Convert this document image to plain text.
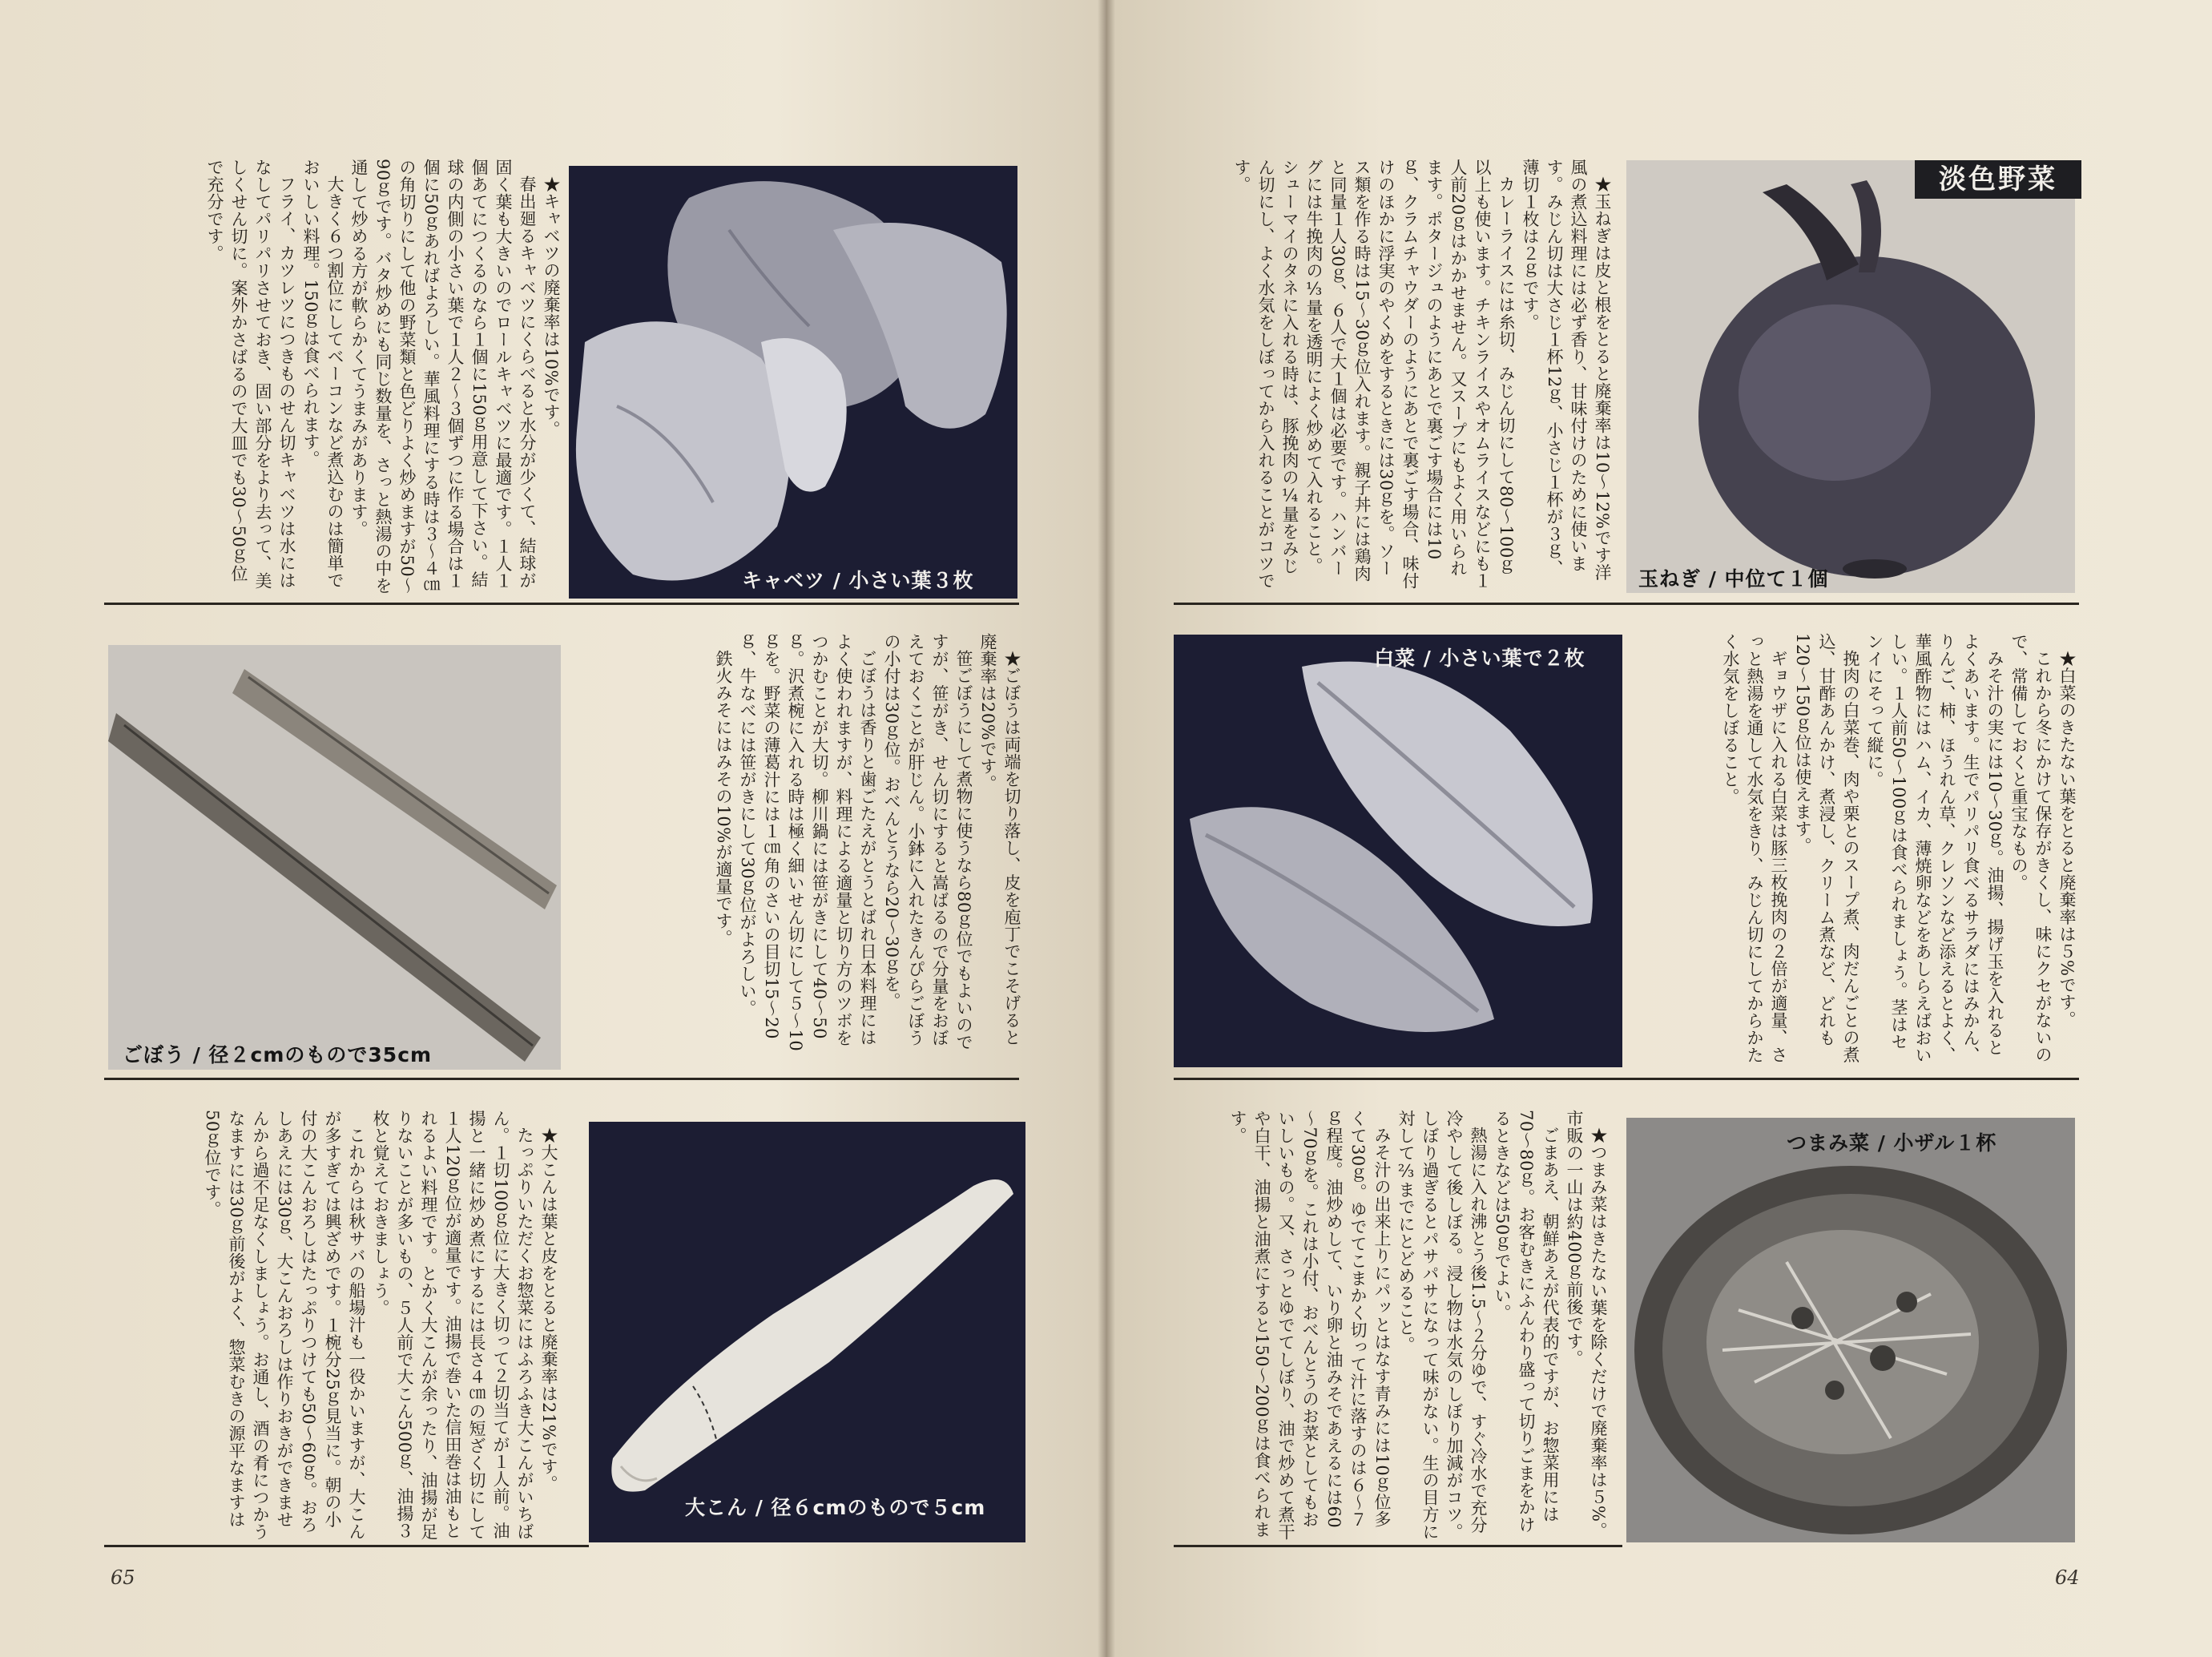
★キャベツの廃棄率は10%です。

春出廻るキャベツにくらべると水分が少くて、結球が固く葉も大きいのでロールキャベツに最適です。１人１個あてにつくるのなら１個に150ｇ用意して下さい。結球の内側の小さい葉で１人２～３個ずつに作る場合は１個に50ｇあればよろしい。華風料理にする時は３～４㎝の角切りにして他の野菜類と色どりよく炒めますが50～90ｇです。バタ炒めにも同じ数量を、さっと熱湯の中を通して炒める方が軟らかくてうまみがあります。

大きく６つ割位にしてベーコンなど煮込むのは簡単でおいしい料理。150ｇは食べられます。

フライ、カツレツにつきものせん切キャベツは水にはなしてパリパリさせておき、固い部分をより去って、美しくせん切に。案外かさばるので大皿でも30～50ｇ位で充分です。

キャベツ / 小さい葉３枚
ごぼう / 径２cmのもので35cm

★ごぼうは両端を切り落し、皮を庖丁でこそげると廃棄率は20%です。

笹ごぼうにして煮物に使うなら80ｇ位でもよいのですが、笹がき、せん切にすると嵩ばるので分量をおぼえておくことが肝じん。小鉢に入れたきんぴらごぼうの小付は30ｇ位。おべんとうなら20～30ｇを。

ごぼうは香りと歯ごたえがとうとばれ日本料理にはよく使われますが、料理による適量と切り方のツボをつかむことが大切。柳川鍋には笹がきにして40～50ｇ。沢煮椀に入れる時は極く細いせん切にして５～10ｇを。野菜の薄葛汁には１㎝角のさいの目切15～20ｇ、牛なべには笹がきにして30ｇ位がよろしい。

鉄火みそにはみその10%が適量です。

★大こんは葉と皮をとると廃棄率は21%です。

たっぷりいただくお惣菜にはふろふき大こんがいちばん。１切100ｇ位に大きく切って２切当てが１人前。油揚と一緒に炒め煮にするには長さ４㎝の短ざく切にして１人120ｇ位が適量です。油揚で巻いた信田巻は油もとれるよい料理です。とかく大こんが余ったり、油揚が足りないことが多いもの、５人前で大こん500ｇ、油揚３枚と覚えておきましょう。

これからは秋サバの船場汁も一役かいますが、大こんが多すぎては興ざめです。１椀分25ｇ見当に。朝の小付の大こんおろしはたっぷりつけても50～60ｇ。おろしあえには30ｇ、大こんおろしは作りおきができませんから過不足なくしましょう。お通し、酒の肴につかうなますには30ｇ前後がよく、惣菜むきの源平なますは50ｇ位です。

大こん / 径６cmのもので５cm
65

★玉ねぎは皮と根をとると廃棄率は10～12%です洋風の煮込料理には必ず香り、甘味付けのために使います。みじん切は大さじ１杯12ｇ、小さじ１杯が３ｇ、薄切１枚は２ｇです。

カレーライスには糸切、みじん切にして80～100ｇ以上も使います。チキンライスやオムライスなどにも１人前20ｇはかかせません。又スープにもよく用いられます。ポタージュのようにあとで裏ごす場合には10ｇ、クラムチャウダーのようにあとで裏ごす場合、味付けのほかに浮実のやくめをするときには30ｇを。ソース類を作る時は15～30ｇ位入れます。親子丼には鶏肉と同量１人30ｇ、６人で大１個は必要です。ハンバーグには牛挽肉の⅓量を透明によく炒めて入れること。シューマイのタネに入れる時は、豚挽肉の¼量をみじん切にし、よく水気をしぼってから入れることがコツです。	淡色野菜
玉ねぎ / 中位て１個
白菜 / 小さい葉で２枚	★白菜のきたない葉をとると廃棄率は５%です。

これから冬にかけて保存がきくし、味にクセがないので、常備しておくと重宝なもの。

みそ汁の実には10～30ｇ。油揚、揚げ玉を入れるとよくあいます。生でパリパリ食べるサラダにはみかん、りんご、柿、ほうれん草、クレソンなど添えるとよく、華風酢物にはハム、イカ、薄焼卵などをあしらえばおいしい。１人前50～100ｇは食べられましょう。茎はセンイにそって縦に。

挽肉の白菜巻、肉や栗とのスープ煮、肉だんごとの煮込、甘酢あんかけ、煮浸し、クリーム煮など、どれも120～150ｇ位は使えます。

ギョウザに入れる白菜は豚三枚挽肉の２倍が適量、さっと熱湯を通して水気をきり、みじん切にしてからかたく水気をしぼること。

★つまみ菜はきたない葉を除くだけで廃棄率は５%。市販の一山は約400ｇ前後です。

ごまあえ、朝鮮あえが代表的ですが、お惣菜用には70～80ｇ。お客むきにふんわり盛って切りごまをかけるときなどは50ｇでよい。

熱湯に入れ沸とう後1.5～２分ゆで、すぐ冷水で充分冷やして後しぼる。浸し物は水気のしぼり加減がコツ。しぼり過ぎるとパサパサになって味がない。生の目方に対して⅔までにとどめること。

みそ汁の出来上りにパッとはなす青みには10ｇ位多くて30ｇ。ゆでてこまかく切って汁に落すのは６～７ｇ程度。油炒めして、いり卵と油みそであえるには60～70ｇを。これは小付、おべんとうのお菜としてもおいしいもの。又、さっとゆでてしぼり、油で炒めて煮干や白干、油揚と油煮にすると150～200ｇは食べられます。	つまみ菜 / 小ザル１杯
64
